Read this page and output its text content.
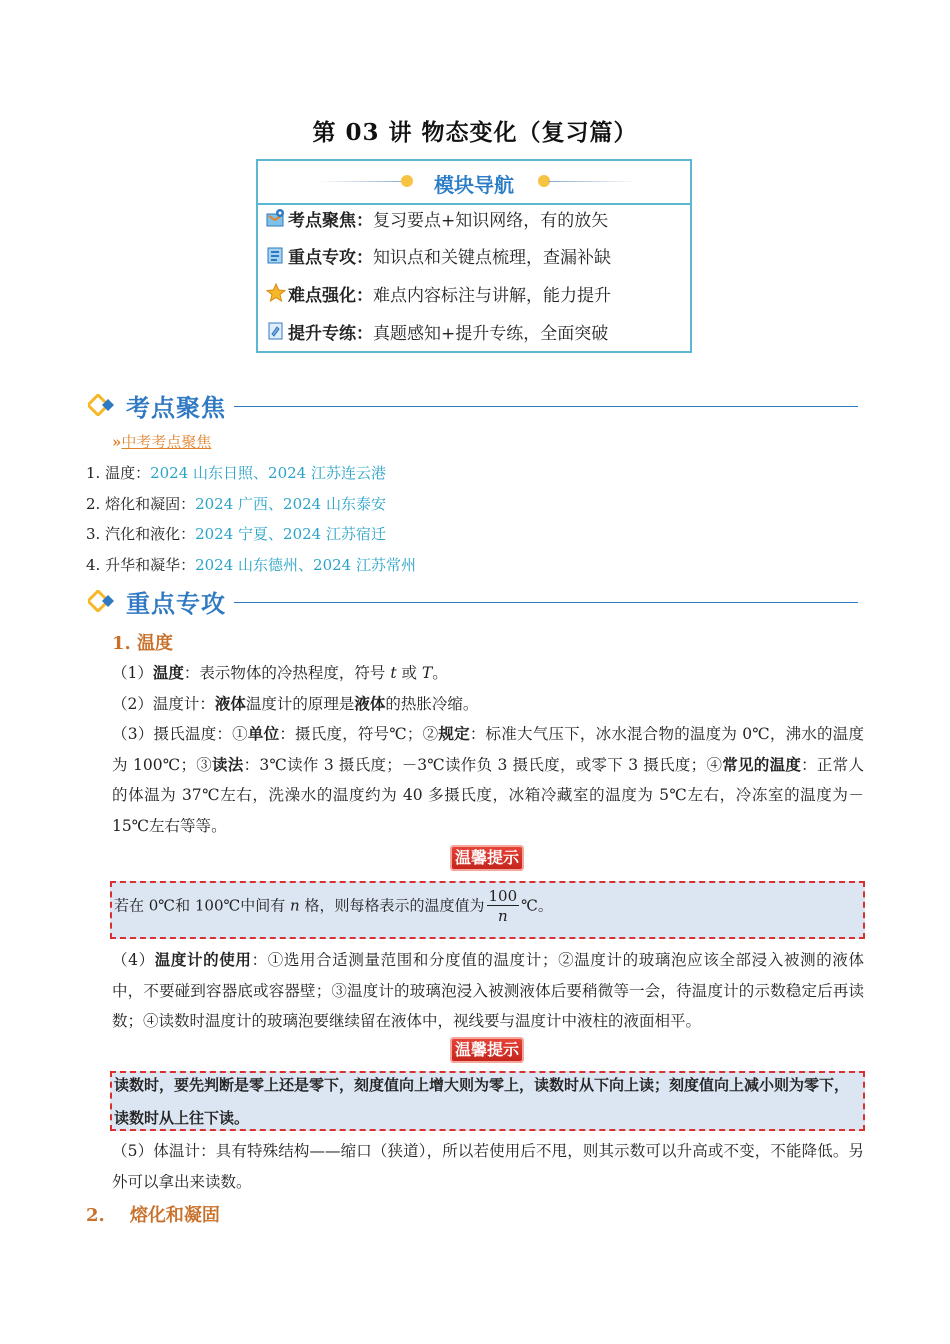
第 03 讲 物态变化（复习篇）
模块导航
考点聚焦： 复习要点+知识网络，有的放矢
重点专攻： 知识点和关键点梳理，查漏补缺
难点强化： 难点内容标注与讲解，能力提升
提升专练： 真题感知+提升专练，全面突破
考点聚焦
»中考考点聚焦
1. 温度：2024 山东日照、2024 江苏连云港
2. 熔化和凝固：2024 广西、2024 山东泰安
3. 汽化和液化：2024 宁夏、2024 江苏宿迁
4. 升华和凝华：2024 山东德州、2024 江苏常州
重点专攻
1. 温度
（1）温度：表示物体的冷热程度，符号 t 或 T。
（2）温度计：液体温度计的原理是液体的热胀冷缩。
（3）摄氏温度：①单位：摄氏度，符号℃；②规定：标准大气压下，冰水混合物的温度为 0℃，沸水的温度为 100℃；③读法：3℃读作 3 摄氏度；－3℃读作负 3 摄氏度，或零下 3 摄氏度；④常见的温度：正常人的体温为 37℃左右，洗澡水的温度约为 40 多摄氏度，冰箱冷藏室的温度为 5℃左右，冷冻室的温度为－15℃左右等等。
温馨提示
若在 0℃和 100℃中间有 n 格，则每格表示的温度值为 $\frac{100}{n}$ ℃。
（4）温度计的使用：①选用合适测量范围和分度值的温度计；②温度计的玻璃泡应该全部浸入被测的液体中，不要碰到容器底或容器壁；③温度计的玻璃泡浸入被测液体后要稍微等一会，待温度计的示数稳定后再读数；④读数时温度计的玻璃泡要继续留在液体中，视线要与温度计中液柱的液面相平。
温馨提示
读数时，要先判断是零上还是零下，刻度值向上增大则为零上，读数时从下向上读；刻度值向上减小则为零下，读数时从上往下读。
（5）体温计：具有特殊结构——缩口（狭道），所以若使用后不甩，则其示数可以升高或不变，不能降低。另外可以拿出来读数。
2.    熔化和凝固
